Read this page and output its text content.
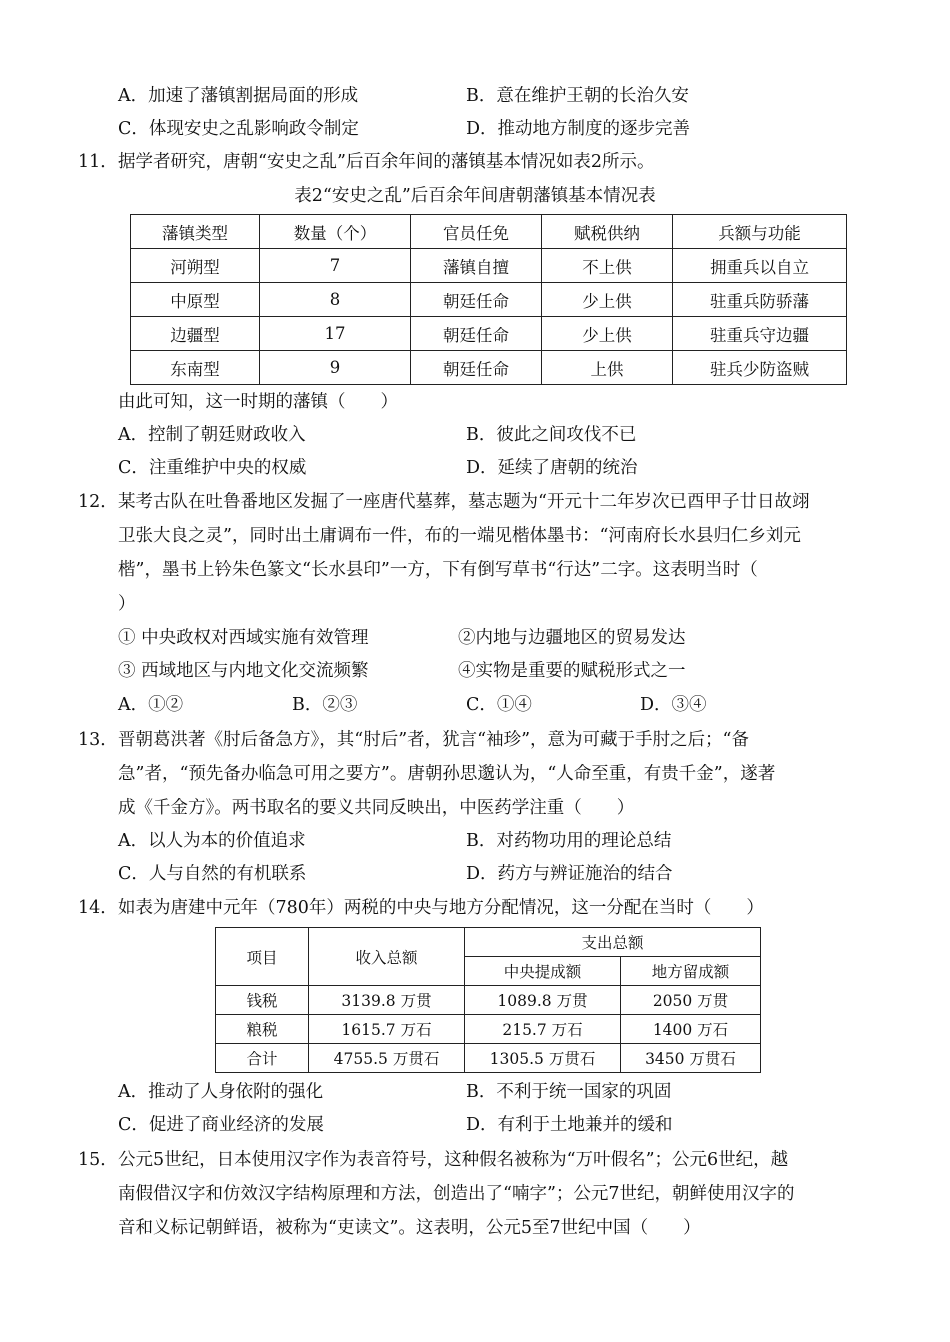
A．加速了藩镇割据局面的形成	B．意在维护王朝的长治久安
C．体现安史之乱影响政令制定	D．推动地方制度的逐步完善
11． 据学者研究，唐朝“安史之乱”后百余年间的藩镇基本情况如表2所示。
表2“安史之乱”后百余年间唐朝藩镇基本情况表
藩镇类型	数量（个）	官员任免	赋税供纳	兵额与功能
河朔型	7	藩镇自擅	不上供	拥重兵以自立
中原型	8	朝廷任命	少上供	驻重兵防骄藩
边疆型	17	朝廷任命	少上供	驻重兵守边疆
东南型	9	朝廷任命	上供	驻兵少防盗贼
由此可知，这一时期的藩镇（　　）
A．控制了朝廷财政收入	B．彼此之间攻伐不已
C．注重维护中央的权威	D．延续了唐朝的统治
12． 某考古队在吐鲁番地区发掘了一座唐代墓葬，墓志题为“开元十二年岁次已酉甲子廿日故翊
卫张大良之灵”，同时出土庸调布一件，布的一端见楷体墨书：“河南府长水县归仁乡刘元
楷”，墨书上钤朱色篆文“长水县印”一方，下有倒写草书“行达”二字。这表明当时（
）
① 中央政权对西域实施有效管理	②内地与边疆地区的贸易发达
③ 西域地区与内地文化交流频繁	④实物是重要的赋税形式之一
A．①②	B．②③	C．①④	D．③④
13． 晋朝葛洪著《肘后备急方》，其“肘后”者，犹言“袖珍”，意为可藏于手肘之后；“备
急”者，“预先备办临急可用之要方”。唐朝孙思邈认为，“人命至重，有贵千金”，遂著
成《千金方》。两书取名的要义共同反映出，中医药学注重（　　）
A．以人为本的价值追求	B．对药物功用的理论总结
C．人与自然的有机联系	D．药方与辨证施治的结合
14． 如表为唐建中元年（780年）两税的中央与地方分配情况，这一分配在当时（　　）
项目	收入总额	支出总额	
		中央提成额	地方留成额
钱税	3139.8 万贯	1089.8 万贯	2050 万贯
粮税	1615.7 万石	215.7 万石	1400 万石
合计	4755.5 万贯石	1305.5 万贯石	3450 万贯石
A．推动了人身依附的强化	B．不利于统一国家的巩固
C．促进了商业经济的发展	D．有利于土地兼并的缓和
15． 公元5世纪，日本使用汉字作为表音符号，这种假名被称为“万叶假名”；公元6世纪，越
南假借汉字和仿效汉字结构原理和方法，创造出了“喃字”；公元7世纪，朝鲜使用汉字的
音和义标记朝鲜语，被称为“吏读文”。这表明，公元5至7世纪中国（　　）
